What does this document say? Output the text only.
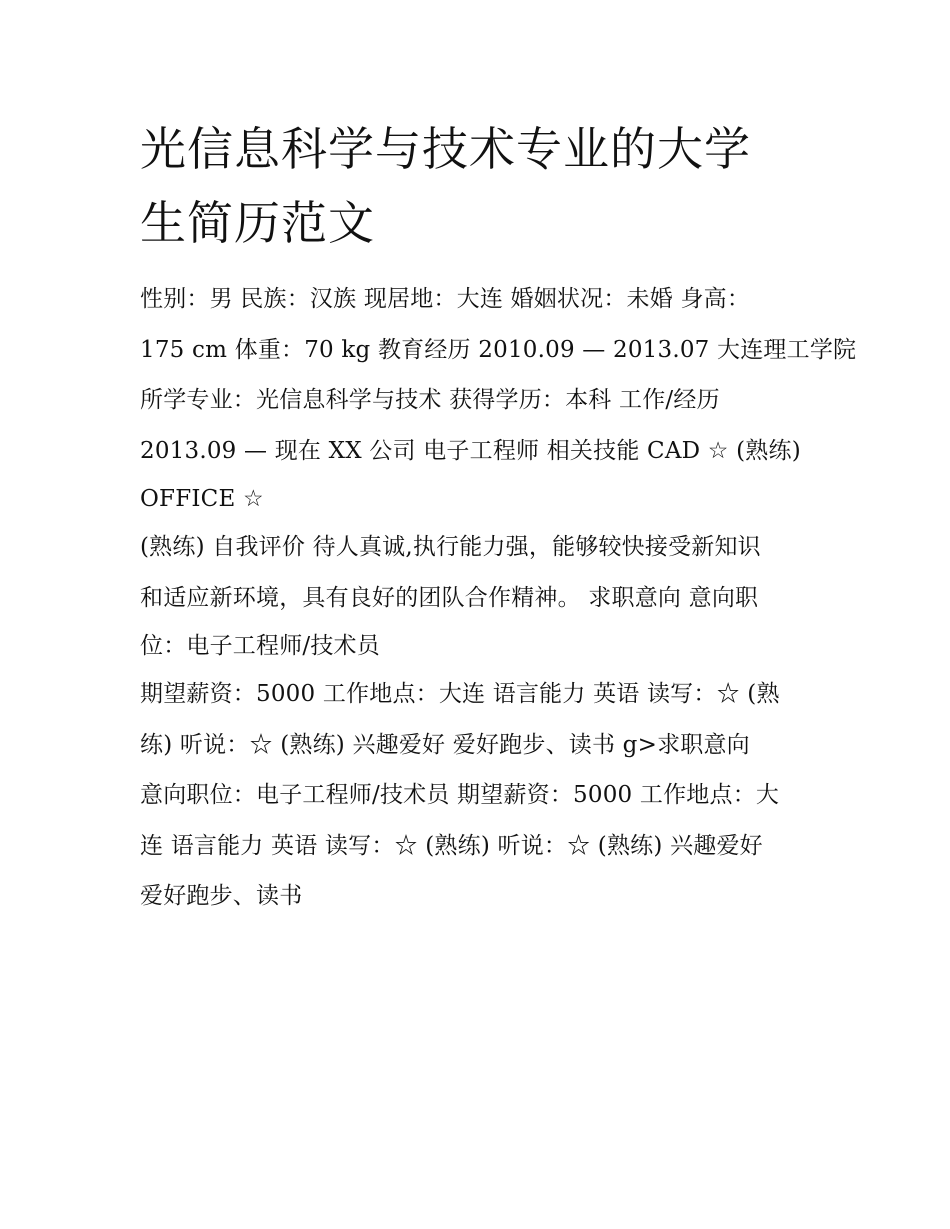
光信息科学与技术专业的大学
生简历范文
性别：男 民族：汉族 现居地：大连 婚姻状况：未婚 身高：
175 cm 体重：70 kg 教育经历 2010.09 — 2013.07 大连理工学院
所学专业：光信息科学与技术 获得学历：本科 工作/经历
2013.09 — 现在 XX 公司 电子工程师 相关技能 CAD ☆ (熟练)
OFFICE ☆
(熟练) 自我评价 待人真诚,执行能力强，能够较快接受新知识
和适应新环境，具有良好的团队合作精神。 求职意向 意向职
位：电子工程师/技术员
期望薪资：5000 工作地点：大连 语言能力 英语 读写：☆ (熟
练) 听说：☆ (熟练) 兴趣爱好 爱好跑步、读书 g>求职意向
意向职位：电子工程师/技术员 期望薪资：5000 工作地点：大
连 语言能力 英语 读写：☆ (熟练) 听说：☆ (熟练) 兴趣爱好
爱好跑步、读书
